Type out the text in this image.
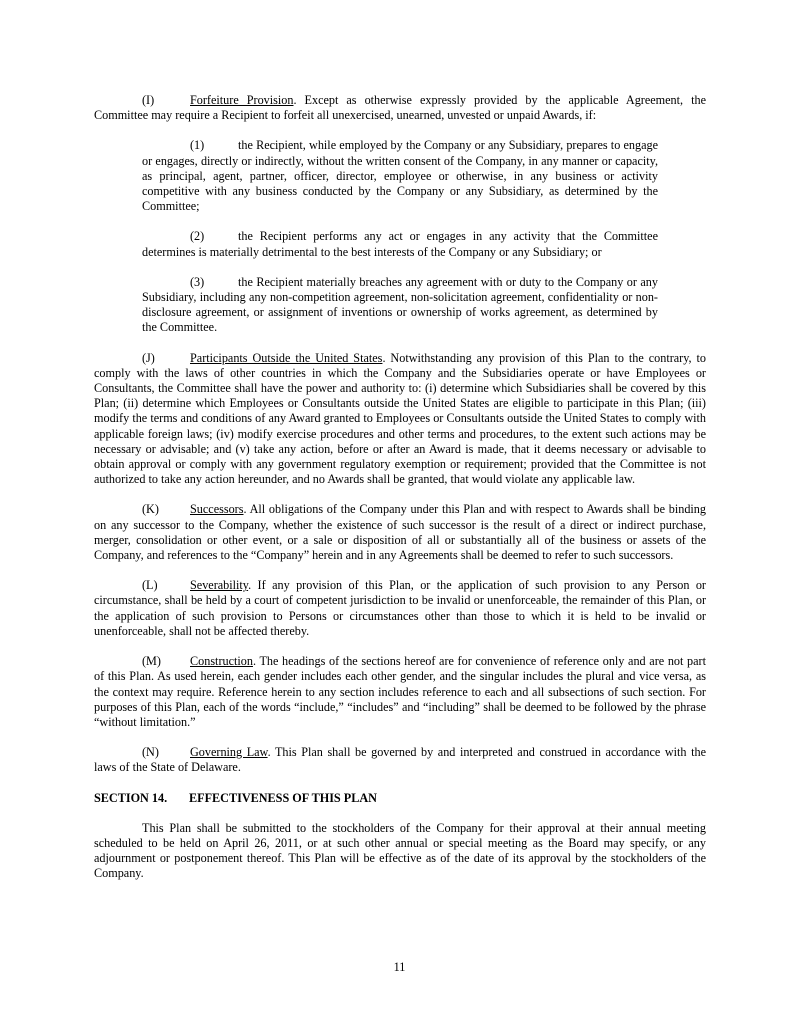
(I)	Forfeiture Provision. Except as otherwise expressly provided by the applicable Agreement, the Committee may require a Recipient to forfeit all unexercised, unearned, unvested or unpaid Awards, if:

(1)	the Recipient, while employed by the Company or any Subsidiary, prepares to engage or engages, directly or indirectly, without the written consent of the Company, in any manner or capacity, as principal, agent, partner, officer, director, employee or otherwise, in any business or activity competitive with any business conducted by the Company or any Subsidiary, as determined by the Committee;

(2)	the Recipient performs any act or engages in any activity that the Committee determines is materially detrimental to the best interests of the Company or any Subsidiary; or

(3)	the Recipient materially breaches any agreement with or duty to the Company or any Subsidiary, including any non-competition agreement, non-solicitation agreement, confidentiality or non-disclosure agreement, or assignment of inventions or ownership of works agreement, as determined by the Committee.

(J)	Participants Outside the United States. Notwithstanding any provision of this Plan to the contrary, to comply with the laws of other countries in which the Company and the Subsidiaries operate or have Employees or Consultants, the Committee shall have the power and authority to: (i) determine which Subsidiaries shall be covered by this Plan; (ii) determine which Employees or Consultants outside the United States are eligible to participate in this Plan; (iii) modify the terms and conditions of any Award granted to Employees or Consultants outside the United States to comply with applicable foreign laws; (iv) modify exercise procedures and other terms and procedures, to the extent such actions may be necessary or advisable; and (v) take any action, before or after an Award is made, that it deems necessary or advisable to obtain approval or comply with any government regulatory exemption or requirement; provided that the Committee is not authorized to take any action hereunder, and no Awards shall be granted, that would violate any applicable law.

(K)	Successors. All obligations of the Company under this Plan and with respect to Awards shall be binding on any successor to the Company, whether the existence of such successor is the result of a direct or indirect purchase, merger, consolidation or other event, or a sale or disposition of all or substantially all of the business or assets of the Company, and references to the “Company” herein and in any Agreements shall be deemed to refer to such successors.

(L)	Severability. If any provision of this Plan, or the application of such provision to any Person or circumstance, shall be held by a court of competent jurisdiction to be invalid or unenforceable, the remainder of this Plan, or the application of such provision to Persons or circumstances other than those to which it is held to be invalid or unenforceable, shall not be affected thereby.

(M) Construction. The headings of the sections hereof are for convenience of reference only and are not part of this Plan. As used herein, each gender includes each other gender, and the singular includes the plural and vice versa, as the context may require. Reference herein to any section includes reference to each and all subsections of such section. For purposes of this Plan, each of the words “include,” “includes” and “including” shall be deemed to be followed by the phrase “without limitation.”

(N)	Governing Law. This Plan shall be governed by and interpreted and construed in accordance with the laws of the State of Delaware.

SECTION 14. EFFECTIVENESS OF THIS PLAN

This Plan shall be submitted to the stockholders of the Company for their approval at their annual meeting scheduled to be held on April 26, 2011, or at such other annual or special meeting as the Board may specify, or any adjournment or postponement thereof. This Plan will be effective as of the date of its approval by the stockholders of the Company.

11
